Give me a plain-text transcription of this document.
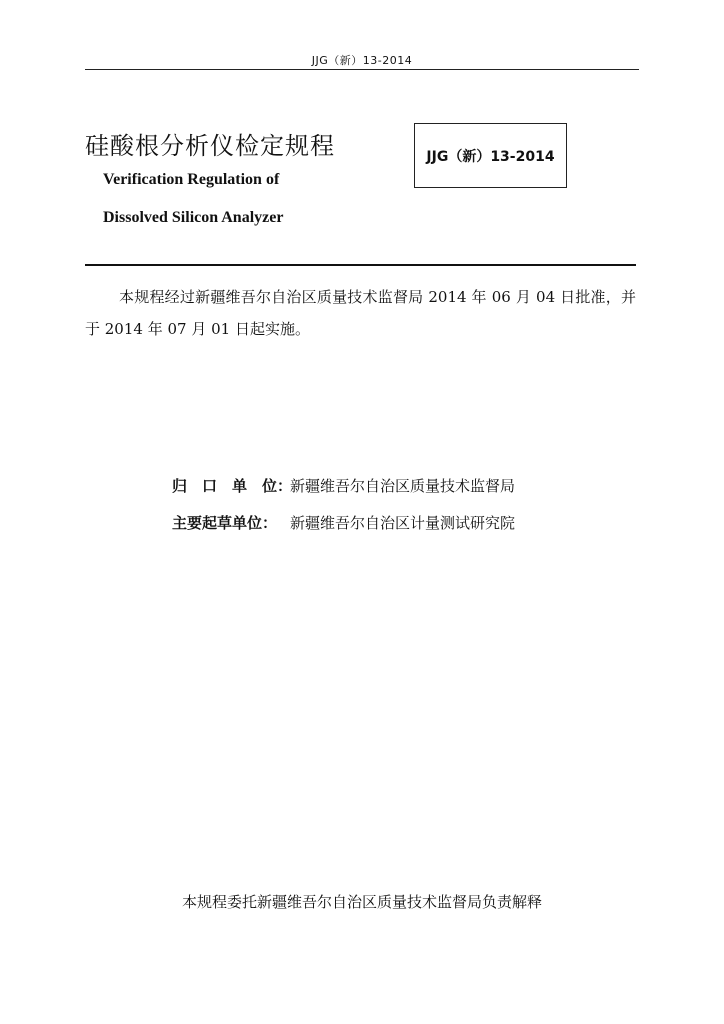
JJG（新）13-2014
硅酸根分析仪检定规程
Verification Regulation of
Dissolved Silicon Analyzer
JJG（新）13-2014

本规程经过新疆维吾尔自治区质量技术监督局 2014 年 06 月 04 日批准，并于 2014 年 07 月 01 日起实施。

归　口　单　位：新疆维吾尔自治区质量技术监督局
主要起草单位： 新疆维吾尔自治区计量测试研究院
本规程委托新疆维吾尔自治区质量技术监督局负责解释
